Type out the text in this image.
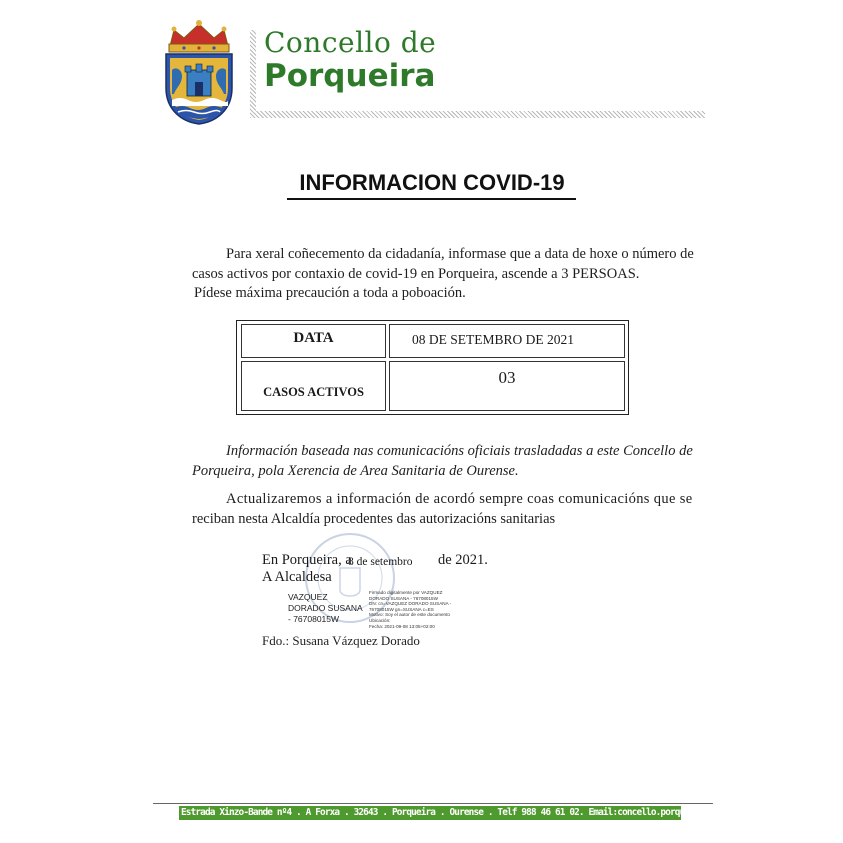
Concello de
Porqueira
INFORMACION COVID-19
Para xeral coñecemento da cidadanía, informase que a data de hoxe o número de
casos activos por contaxio de covid-19 en Porqueira, ascende a 3 PERSOAS.
Pídese máxima precaución a toda a poboación.
DATA	08 DE SETEMBRO DE 2021
CASOS ACTIVOS
03
Información baseada nas comunicacións oficiais trasladadas a este Concello de
Porqueira, pola Xerencia de Area Sanitaria de Ourense.
Actualizaremos a información de acordó sempre coas comunicacións que se
reciban nesta Alcaldía procedentes das autorizacións sanitarias
En Porqueira, a
8 de setembro de 2021.
A Alcaldesa
VAZQUEZ
DORADO SUSANA
- 76708015W
Firmado digitalmente por VAZQUEZ
DORADO SUSANA - 76708015W
DN: cn=VAZQUEZ DORADO SUSANA -
76708015W gn=SUSANA c=ES
Motivo: Soy el autor de este documento
Ubicación:
Fecha: 2021-09-08 13:05+02:00
Fdo.: Susana Vázquez Dorado
Estrada Xinzo-Bande nº4 . A Forxa . 32643 . Porqueira . Ourense . Telf 988 46 61 02. Email:concello.porqueira@eidolocal.es
